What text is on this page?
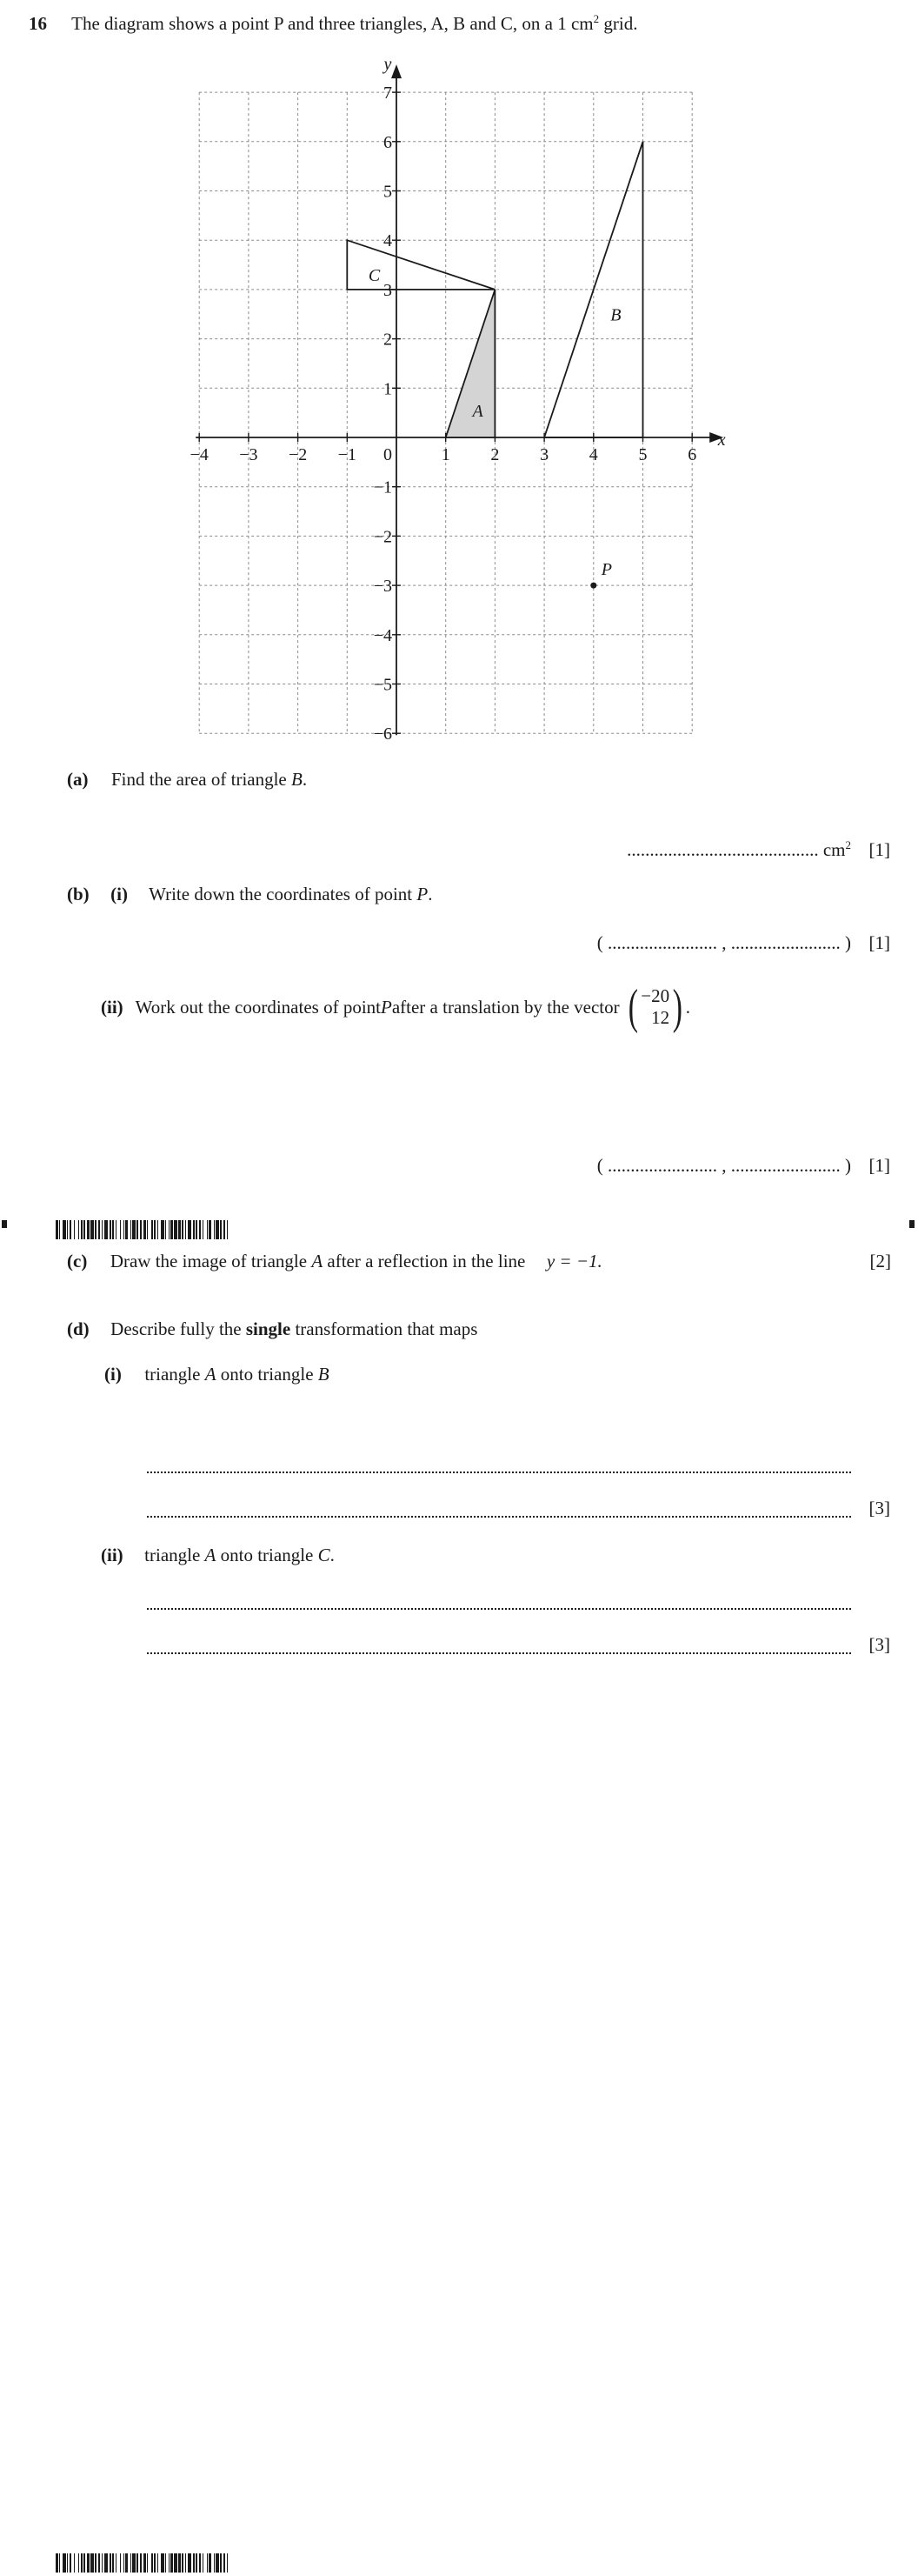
16 The diagram shows a point P and three triangles, A, B and C, on a 1 $cm^2$ grid.
−4 −3 −2 −1 0	1 2 3 4 5 6
7
6
5
4
3
2
1
−1
−2
−3
−4
−5
−6
x
y
A
B
C
P
(a) Find the area of triangle B.
.......................................... $cm^2$ [1]
(b) (i) Write down the coordinates of point P.
( ........................ , ........................ ) [1]
(ii) Work out the coordinates of point P after a translation by the vector ( −20
12 ) .
( ........................ , ........................ ) [1]
(c) Draw the image of triangle A after a reflection in the line y = −1.	[2]
(d) Describe fully the single transformation that maps
(i) triangle A onto triangle B
[3]
(ii) triangle A onto triangle C.
[3]
